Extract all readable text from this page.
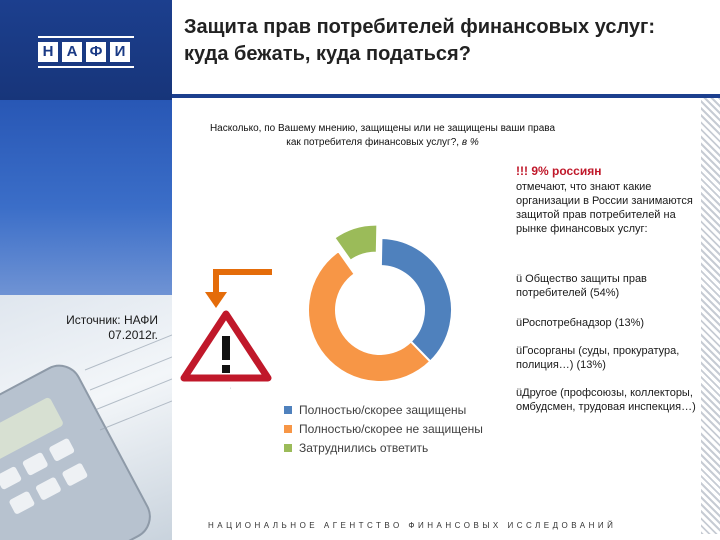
Н А Ф И
Источник: НАФИ
07.2012г.
Защита прав потребителей финансовых услуг: куда бежать, куда податься?
Насколько, по Вашему мнению, защищены или не защищены ваши права как потребителя финансовых услуг?, в %
Полностью/скорее защищены
Полностью/скорее не защищены
Затруднились ответить
!!! 9% россиян
отмечают, что знают какие организации в России занимаются защитой прав потребителей на рынке финансовых услуг:
ü Общество защиты прав потребителей (54%)
üРоспотребнадзор (13%)
üГосорганы (суды, прокуратура, полиция…) (13%)
üДругое (профсоюзы, коллекторы, омбудсмен, трудовая инспекция…)
НАЦИОНАЛЬНОЕ АГЕНТСТВО ФИНАНСОВЫХ ИССЛЕДОВАНИЙ
